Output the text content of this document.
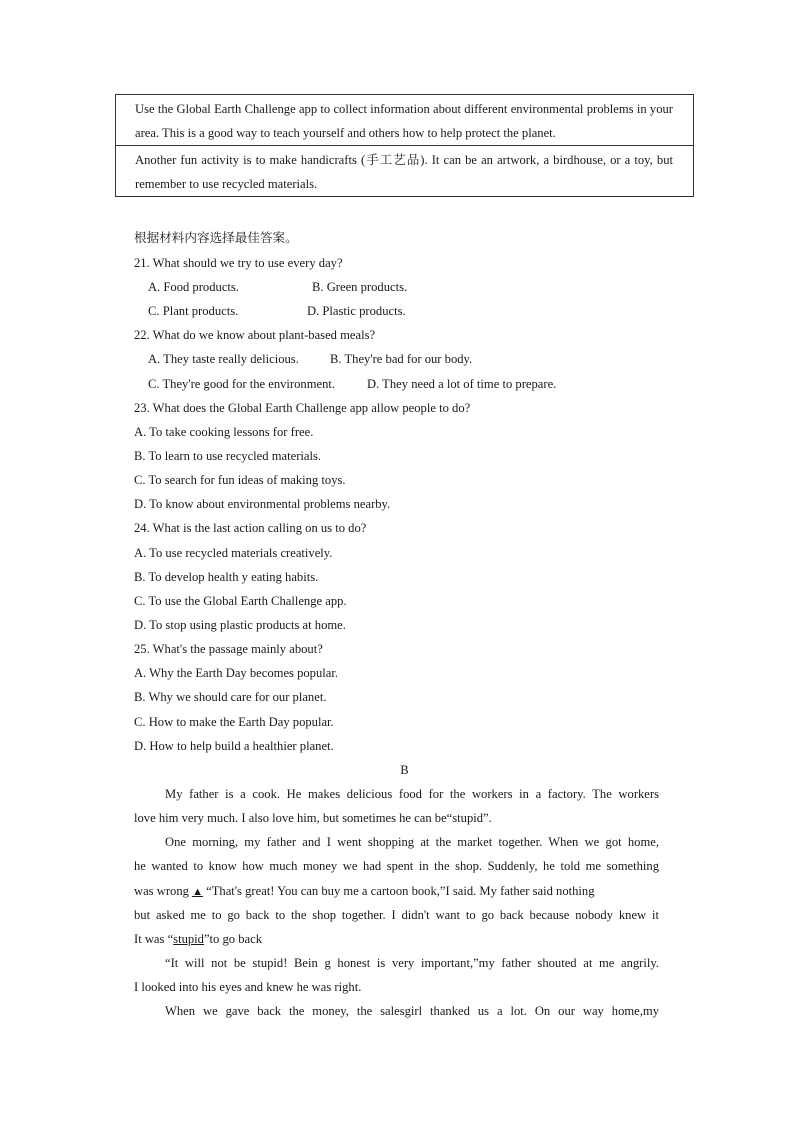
Use the Global Earth Challenge app to collect information about different environmental problems in your area. This is a good way to teach yourself and others how to help protect the planet.
Another fun activity is to make handicrafts (手工艺品). It can be an artwork, a birdhouse, or a toy, but remember to use recycled materials.
根据材料内容选择最佳答案。
21. What should we try to use every day?
A. Food products.	B. Green products.
C. Plant products.	D. Plastic products.
22. What do we know about plant-based meals?
A. They taste really delicious. B. They're bad for our body.
C. They're good for the environment.	D. They need a lot of time to prepare.
23. What does the Global Earth Challenge app allow people to do?
A. To take cooking lessons for free.
B. To learn to use recycled materials.
C. To search for fun ideas of making toys.
D. To know about environmental problems nearby.
24. What is the last action calling on us to do?
A. To use recycled materials creatively.
B. To develop health y eating habits.
C. To use the Global Earth Challenge app.
D. To stop using plastic products at home.
25. What's the passage mainly about?
A. Why the Earth Day becomes popular.
B. Why we should care for our planet.
C. How to make the Earth Day popular.
D. How to help build a healthier planet.
B
My father is a cook. He makes delicious food for the workers in a factory. The workers
love him very much. I also love him, but sometimes he can be“stupid”.
One morning, my father and I went shopping at the market together. When we got home,
he wanted to know how much money we had spent in the shop. Suddenly, he told me something
was wrong ▲ “That's great! You can buy me a cartoon book,”I said. My father said nothing
but asked me to go back to the shop together. I didn't want to go back because nobody knew it
It was “stupid”to go back
“It will not be stupid! Bein g honest is very important,”my father shouted at me angrily.
I looked into his eyes and knew he was right.
When we gave back the money, the salesgirl thanked us a lot. On our way home,my
